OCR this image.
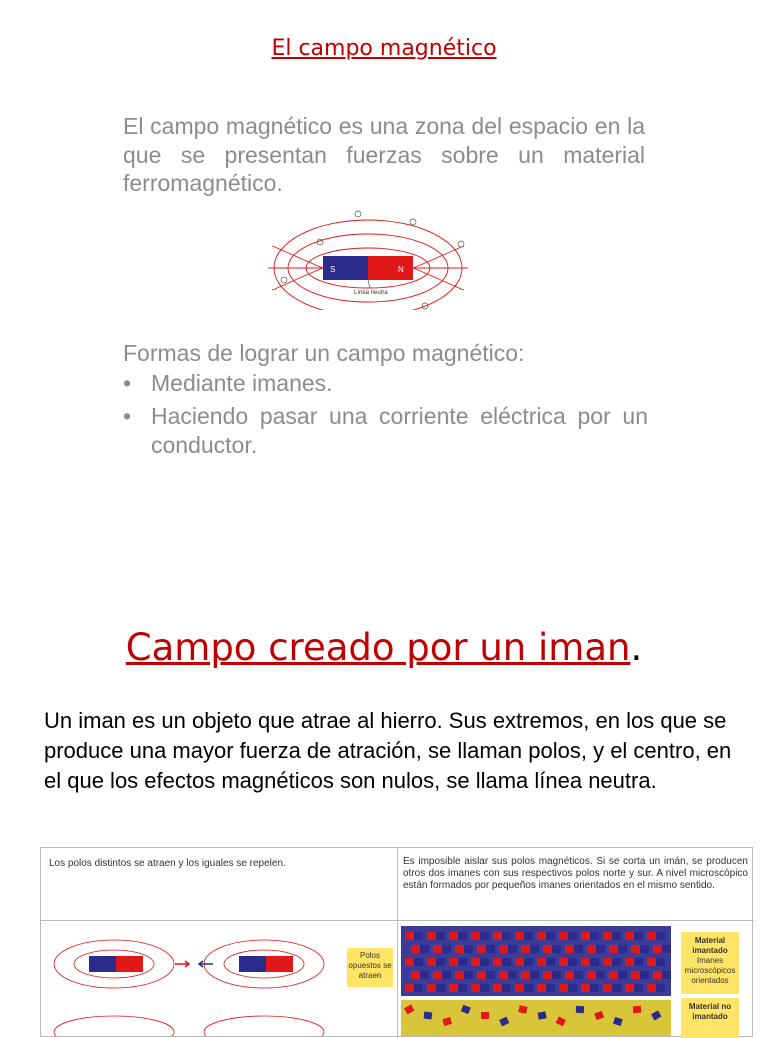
El campo magnético
El campo magnético es una zona del espacio en la que se presentan fuerzas sobre un material ferromagnético.
S	N
Línea neutra
Formas de lograr un campo magnético:
• Mediante imanes.
• Haciendo pasar una corriente eléctrica por un conductor.
Campo creado por un iman.
Un iman es un objeto que atrae al hierro. Sus extremos, en los que se produce una mayor fuerza de atración, se llaman polos, y el centro, en el que los efectos magnéticos son nulos, se llama línea neutra.
Los polos distintos se atraen y los iguales se repelen.	Es imposible aislar sus polos magnéticos. Si se corta un imán, se producen otros dos imanes con sus respectivos polos norte y sur. A nivel microscópico están formados por pequeños imanes orientados en el mismo sentido.
Polos opuestos se atraen
Material imantado
Imanes microscópicos orientados
Material no imantado
